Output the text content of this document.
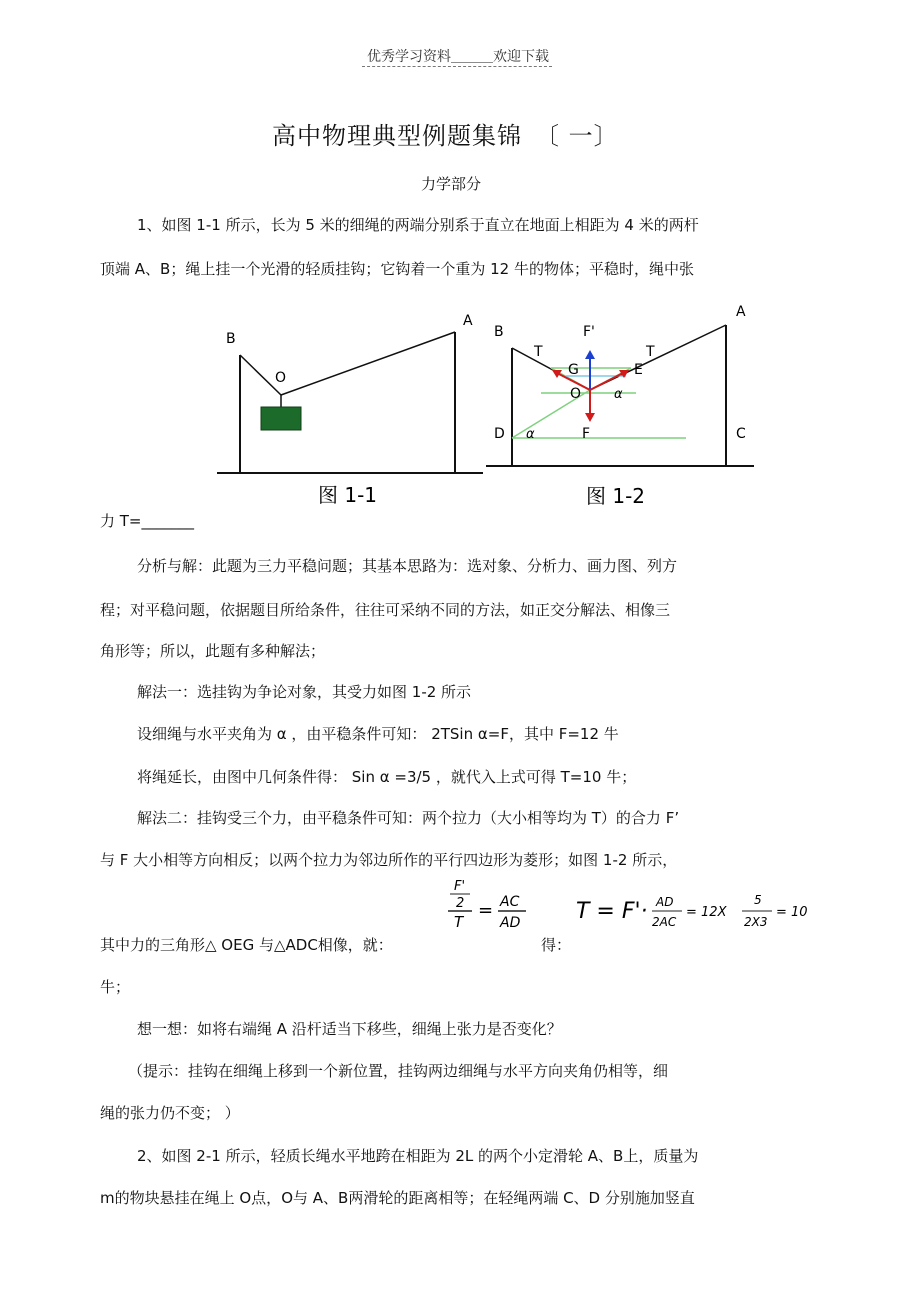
优秀学习资料＿＿＿欢迎下载
高中物理典型例题集锦　〔 一〕
力学部分
1、如图 1-1 所示，长为 5 米的细绳的两端分别系于直立在地面上相距为 4 米的两杆
顶端 A、B；绳上挂一个光滑的轻质挂钩；它钩着一个重为 12 牛的物体；平稳时，绳中张
B
A
O
图 1-1
B
A
C
D
T	T
F'
G	E
O
F
α
α
图 1-2
力 T=_______
分析与解：此题为三力平稳问题；其基本思路为：选对象、分析力、画力图、列方
程；对平稳问题，依据题目所给条件，往往可采纳不同的方法，如正交分解法、相像三
角形等；所以，此题有多种解法；
解法一：选挂钩为争论对象，其受力如图 1-2 所示
设细绳与水平夹角为 α ，由平稳条件可知： 2TSin α=F，其中 F=12 牛
将绳延长，由图中几何条件得： Sin α =3/5 ，就代入上式可得 T=10 牛；
解法二：挂钩受三个力，由平稳条件可知：两个拉力（大小相等均为 T）的合力 F’
与 F 大小相等方向相反；以两个拉力为邻边所作的平行四边形为菱形；如图 1-2 所示，
F'
2
T
= AC
AD	T = F'· AD
2AC
= 12X
5
2X3
= 10
其中力的三角形△ OEG 与△ADC相像，就：	得：
牛；
想一想：如将右端绳 A 沿杆适当下移些，细绳上张力是否变化？
（提示：挂钩在细绳上移到一个新位置，挂钩两边细绳与水平方向夹角仍相等，细
绳的张力仍不变； ）
2、如图 2-1 所示，轻质长绳水平地跨在相距为 2L 的两个小定滑轮 A、B上，质量为
m的物块悬挂在绳上 O点，O与 A、B两滑轮的距离相等；在轻绳两端 C、D 分别施加竖直
